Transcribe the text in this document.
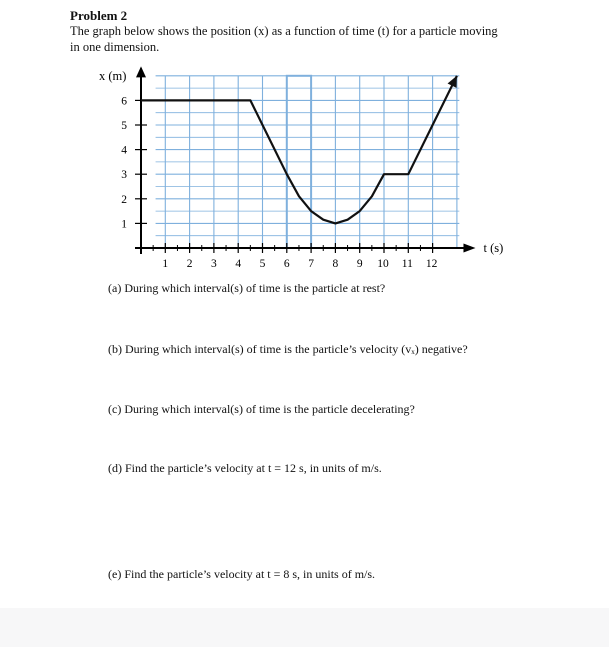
Problem 2
The graph below shows the position (x) as a function of time (t) for a particle moving in one dimension.
1 2 3 4 5 6 7 8 9 10 11 12
1
2
3
4
5
6
x (m)
t (s)
(a) During which interval(s) of time is the particle at rest?
(b) During which interval(s) of time is the particle’s velocity (vₓ) negative?
(c) During which interval(s) of time is the particle decelerating?
(d) Find the particle’s velocity at t = 12 s, in units of m/s.
(e) Find the particle’s velocity at t = 8 s, in units of m/s.
